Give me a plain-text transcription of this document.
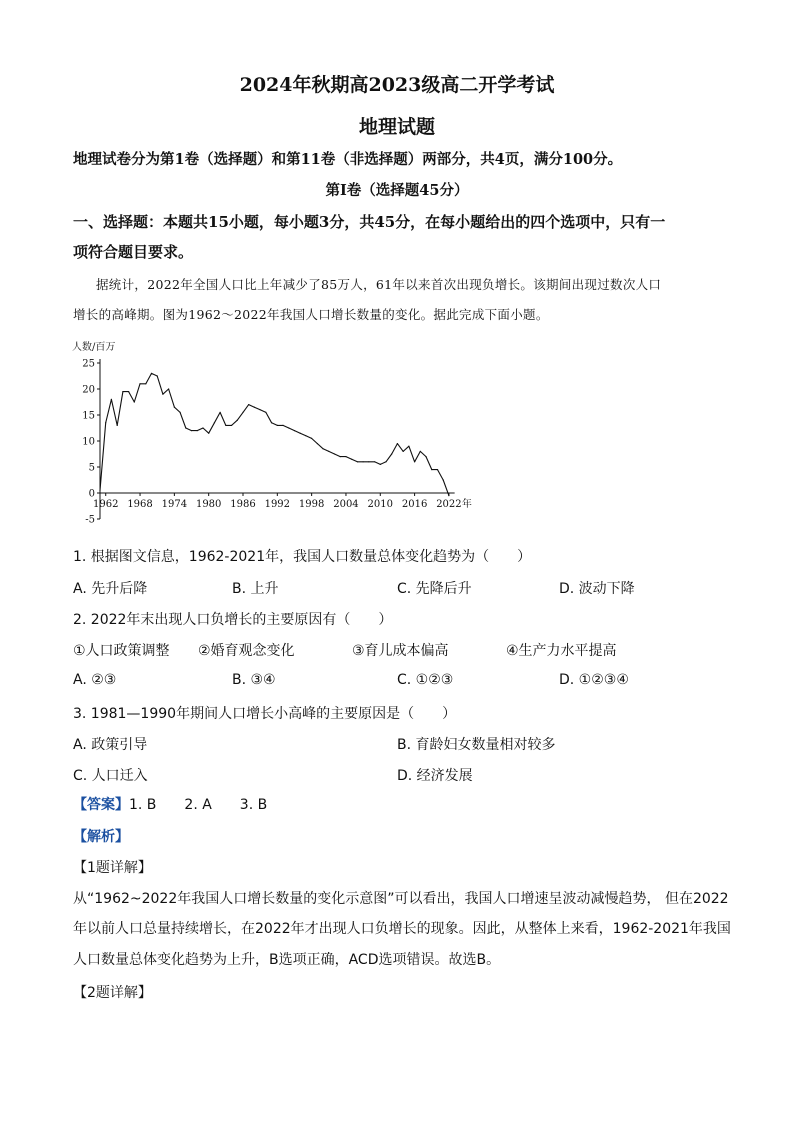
2024年秋期高2023级高二开学考试
地理试题
地理试卷分为第1卷（选择题）和第11卷（非选择题）两部分，共4页，满分100分。
第I卷（选择题45分）
一、选择题：本题共15小题，每小题3分，共45分，在每小题给出的四个选项中，只有一
项符合题目要求。
据统计，2022年全国人口比上年减少了85万人，61年以来首次出现负增长。该期间出现过数次人口
增长的高峰期。图为1962～2022年我国人口增长数量的变化。据此完成下面小题。
人数/百万
25
20
15
10
5
0
-5
1962 1968 1974 1980 1986 1992 1998 2004 2010 2016 2022 年
1. 根据图文信息，1962-2021年，我国人口数量总体变化趋势为（　　）
A. 先升后降	B. 上升	C. 先降后升	D. 波动下降
2. 2022年末出现人口负增长的主要原因有（　　）
①人口政策调整 ②婚育观念变化	③育儿成本偏高	④生产力水平提高
A. ②③	B. ③④	C. ①②③	D. ①②③④
3. 1981—1990年期间人口增长小高峰的主要原因是（　　）
A. 政策引导	B. 育龄妇女数量相对较多
C. 人口迁入	D. 经济发展
【答案】1. B　　2. A　　3. B
【解析】
【1题详解】
从“1962~2022年我国人口增长数量的变化示意图”可以看出，我国人口增速呈波动减慢趋势， 但在2022
年以前人口总量持续增长，在2022年才出现人口负增长的现象。因此，从整体上来看，1962-2021年我国
人口数量总体变化趋势为上升，B选项正确，ACD选项错误。故选B。
【2题详解】
